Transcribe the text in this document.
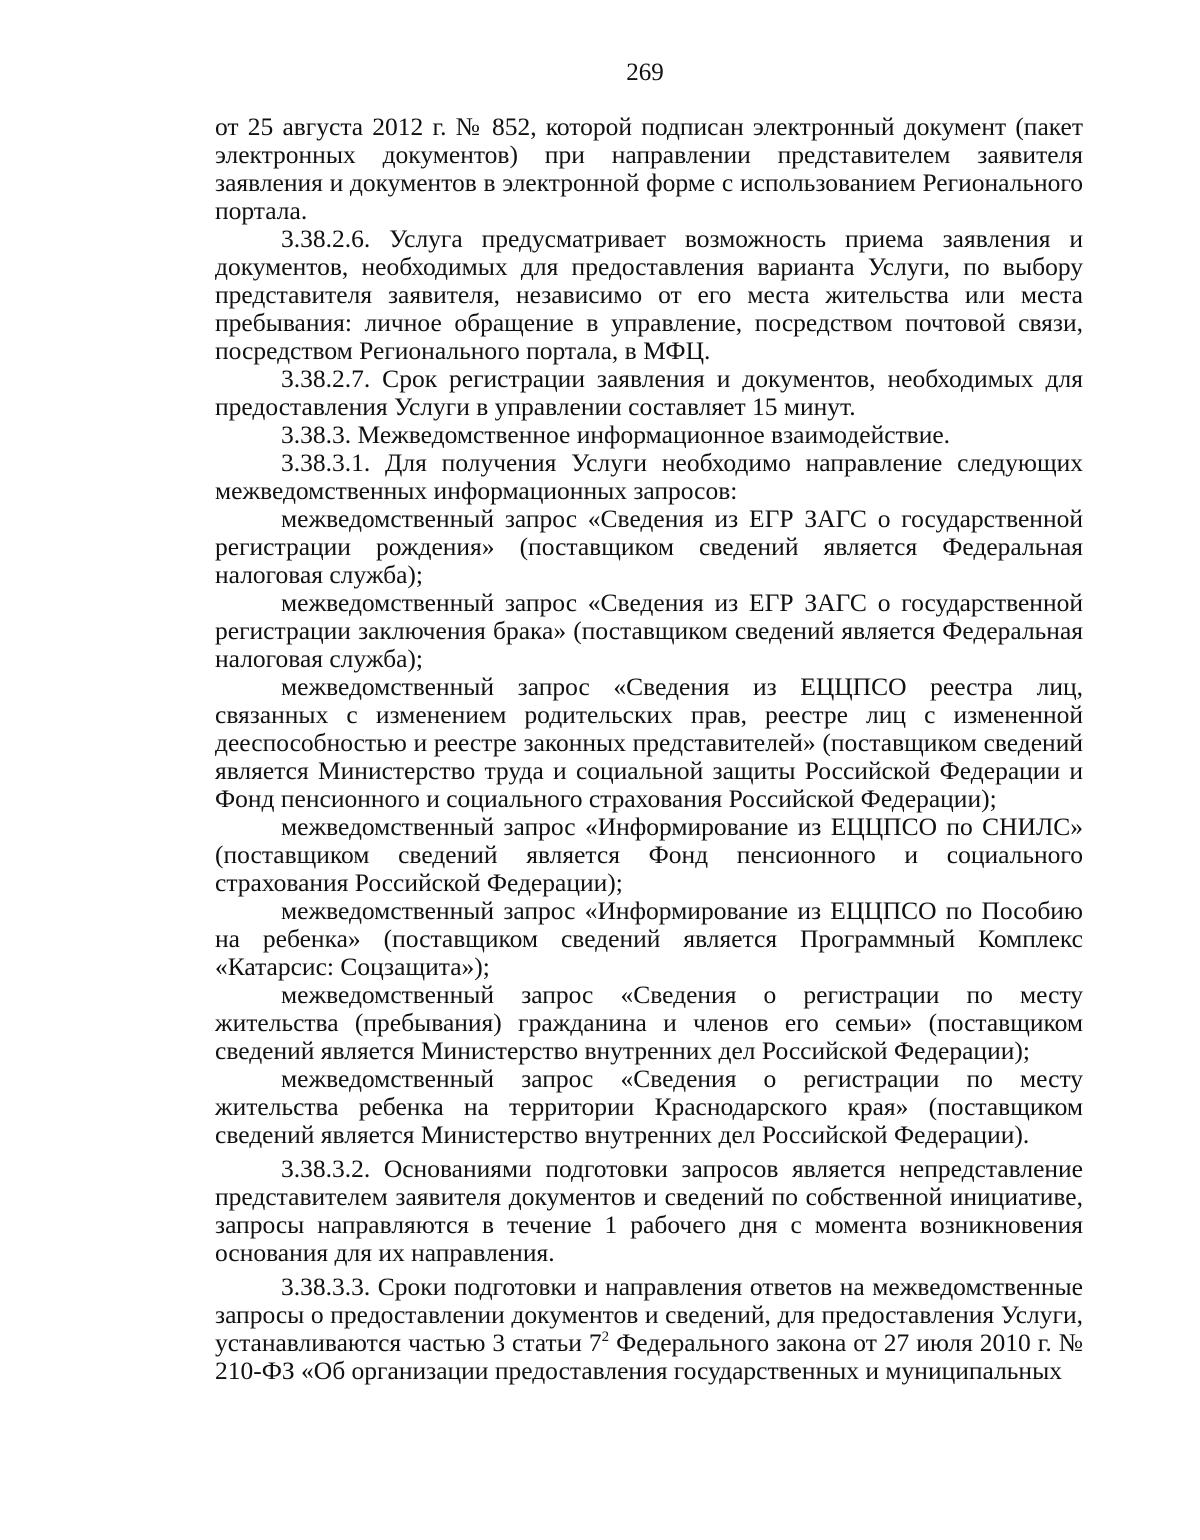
269

от 25 августа 2012 г. № 852, которой подписан электронный документ (пакет электронных документов) при направлении представителем заявителя заявления и документов в электронной форме с использованием Регионального портала.

3.38.2.6. Услуга предусматривает возможность приема заявления и документов, необходимых для предоставления варианта Услуги, по выбору представителя заявителя, независимо от его места жительства или места пребывания: личное обращение в управление, посредством почтовой связи, посредством Регионального портала, в МФЦ.

3.38.2.7. Срок регистрации заявления и документов, необходимых для предоставления Услуги в управлении составляет 15 минут.

3.38.3. Межведомственное информационное взаимодействие.

3.38.3.1. Для получения Услуги необходимо направление следующих межведомственных информационных запросов:

межведомственный запрос «Сведения из ЕГР ЗАГС о государственной регистрации рождения» (поставщиком сведений является Федеральная налоговая служба);

межведомственный запрос «Сведения из ЕГР ЗАГС о государственной регистрации заключения брака» (поставщиком сведений является Федеральная налоговая служба);

межведомственный запрос «Сведения из ЕЦЦПСО реестра лиц, связанных с изменением родительских прав, реестре лиц с измененной дееспособностью и реестре законных представителей» (поставщиком сведений является Министерство труда и социальной защиты Российской Федерации и Фонд пенсионного и социального страхования Российской Федерации);

межведомственный запрос «Информирование из ЕЦЦПСО по СНИЛС» (поставщиком сведений является Фонд пенсионного и социального страхования Российской Федерации);

межведомственный запрос «Информирование из ЕЦЦПСО по Пособию на ребенка» (поставщиком сведений является Программный Комплекс «Катарсис: Соцзащита»);

межведомственный запрос «Сведения о регистрации по месту жительства (пребывания) гражданина и членов его семьи» (поставщиком сведений является Министерство внутренних дел Российской Федерации);

межведомственный запрос «Сведения о регистрации по месту жительства ребенка на территории Краснодарского края» (поставщиком сведений является Министерство внутренних дел Российской Федерации).

3.38.3.2. Основаниями подготовки запросов является непредставление представителем заявителя документов и сведений по собственной инициативе, запросы направляются в течение 1 рабочего дня с момента возникновения основания для их направления.

3.38.3.3. Сроки подготовки и направления ответов на межведомственные запросы о предоставлении документов и сведений, для предоставления Услуги, устанавливаются частью 3 статьи $7^2$ Федерального закона от 27 июля 2010 г. № 210-ФЗ «Об организации предоставления государственных и муниципальных
